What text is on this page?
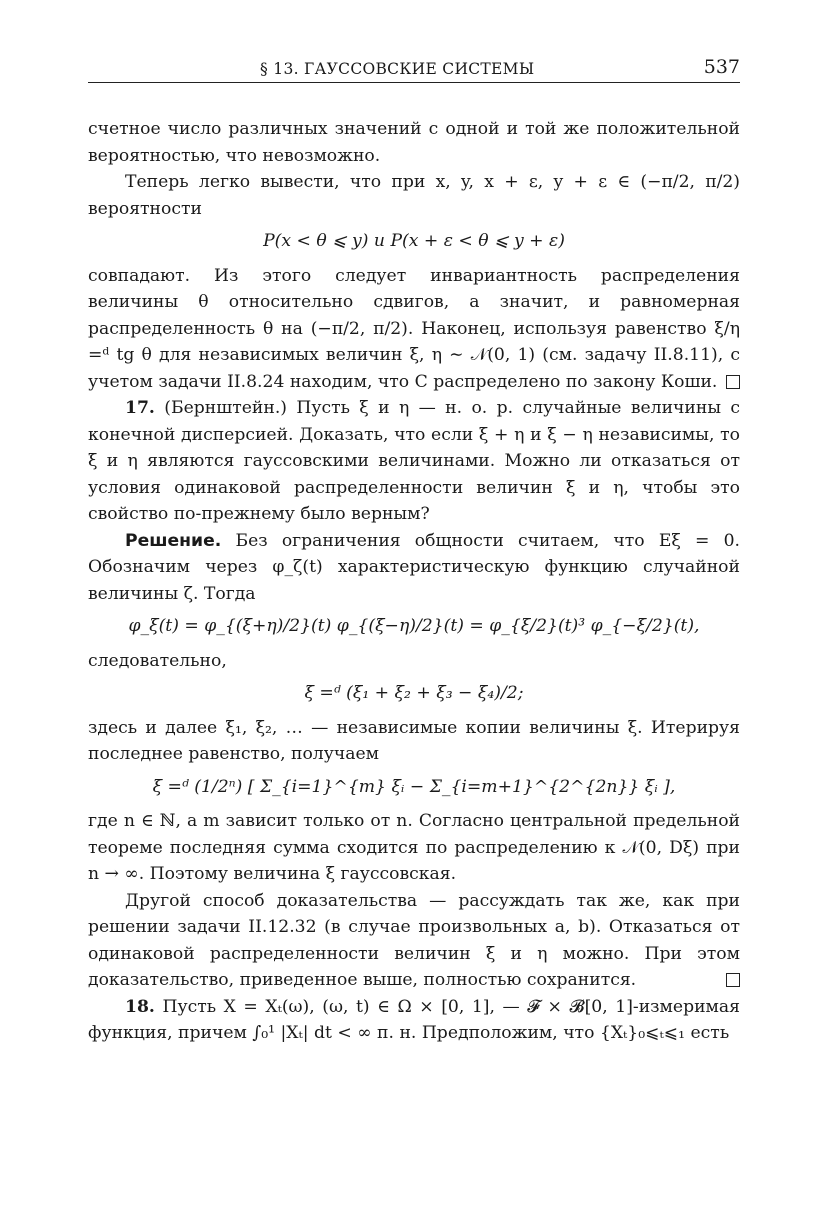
§ 13. ГАУССОВСКИЕ СИСТЕМЫ	537

счетное число различных значений с одной и той же положительной вероятностью, что невозможно.

Теперь легко вывести, что при x, y, x + ε, y + ε ∈ (−π/2, π/2) вероятности

P(x < θ ⩽ y) и P(x + ε < θ ⩽ y + ε)

совпадают. Из этого следует инвариантность распределения величины θ относительно сдвигов, а значит, и равномерная распределенность θ на (−π/2, π/2). Наконец, используя равенство ξ/η =ᵈ tg θ для независимых величин ξ, η ∼ 𝒩(0, 1) (см. задачу II.8.11), с учетом задачи II.8.24 находим, что C распределено по закону Коши.

17. (Бернштейн.) Пусть ξ и η — н. о. р. случайные величины с конечной дисперсией. Доказать, что если ξ + η и ξ − η независимы, то ξ и η являются гауссовскими величинами. Можно ли отказаться от условия одинаковой распределенности величин ξ и η, чтобы это свойство по-прежнему было верным?

Решение. Без ограничения общности считаем, что Eξ = 0. Обозначим через φ_ζ(t) характеристическую функцию случайной величины ζ. Тогда

φ_ξ(t) = φ_{(ξ+η)/2}(t) φ_{(ξ−η)/2}(t) = φ_{ξ/2}(t)³ φ_{−ξ/2}(t),

следовательно,

ξ =ᵈ (ξ₁ + ξ₂ + ξ₃ − ξ₄)/2;

здесь и далее ξ₁, ξ₂, … — независимые копии величины ξ. Итерируя последнее равенство, получаем

ξ =ᵈ (1/2ⁿ) [ Σ_{i=1}^{m} ξᵢ − Σ_{i=m+1}^{2^{2n}} ξᵢ ],

где n ∈ ℕ, а m зависит только от n. Согласно центральной предельной теореме последняя сумма сходится по распределению к 𝒩(0, Dξ) при n → ∞. Поэтому величина ξ гауссовская.

Другой способ доказательства — рассуждать так же, как при решении задачи II.12.32 (в случае произвольных a, b). Отказаться от одинаковой распределенности величин ξ и η можно. При этом доказательство, приведенное выше, полностью сохранится.

18. Пусть X = Xₜ(ω), (ω, t) ∈ Ω × [0, 1], — 𝓕 × 𝓑[0, 1]-измеримая функция, причем ∫₀¹ |Xₜ| dt < ∞ п. н. Предположим, что {Xₜ}₀⩽ₜ⩽₁ есть
